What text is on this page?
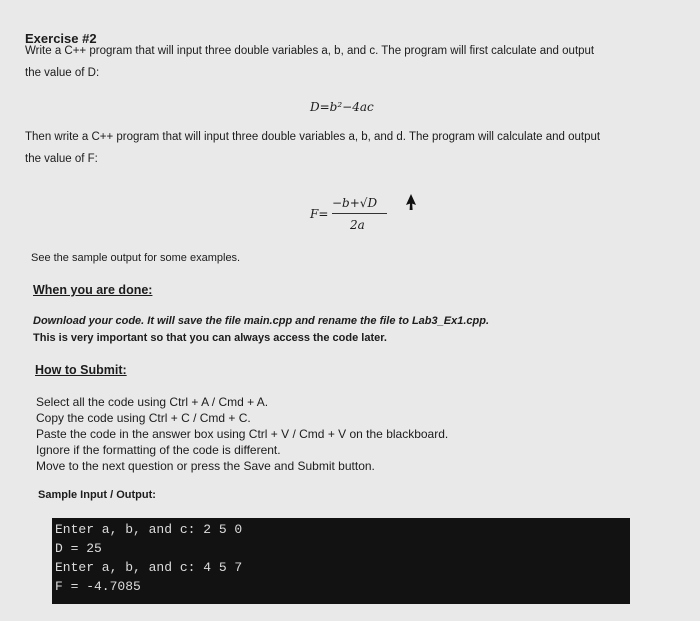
Exercise #2
Write a C++ program that will input three double variables a, b, and c. The program will first calculate and output
the value of D:
D=b²−4ac
Then write a C++ program that will input three double variables a, b, and d. The program will calculate and output
the value of F:
F=
−b+√D
2a
See the sample output for some examples.
When you are done:
Download your code. It will save the file main.cpp and rename the file to Lab3_Ex1.cpp.
This is very important so that you can always access the code later.
How to Submit:
Select all the code using Ctrl + A / Cmd + A.
Copy the code using Ctrl + C / Cmd + C.
Paste the code in the answer box using Ctrl + V / Cmd + V on the blackboard.
Ignore if the formatting of the code is different.
Move to the next question or press the Save and Submit button.
Sample Input / Output:
Enter a, b, and c: 2 5 0
D = 25
Enter a, b, and c: 4 5 7
F = -4.7085
